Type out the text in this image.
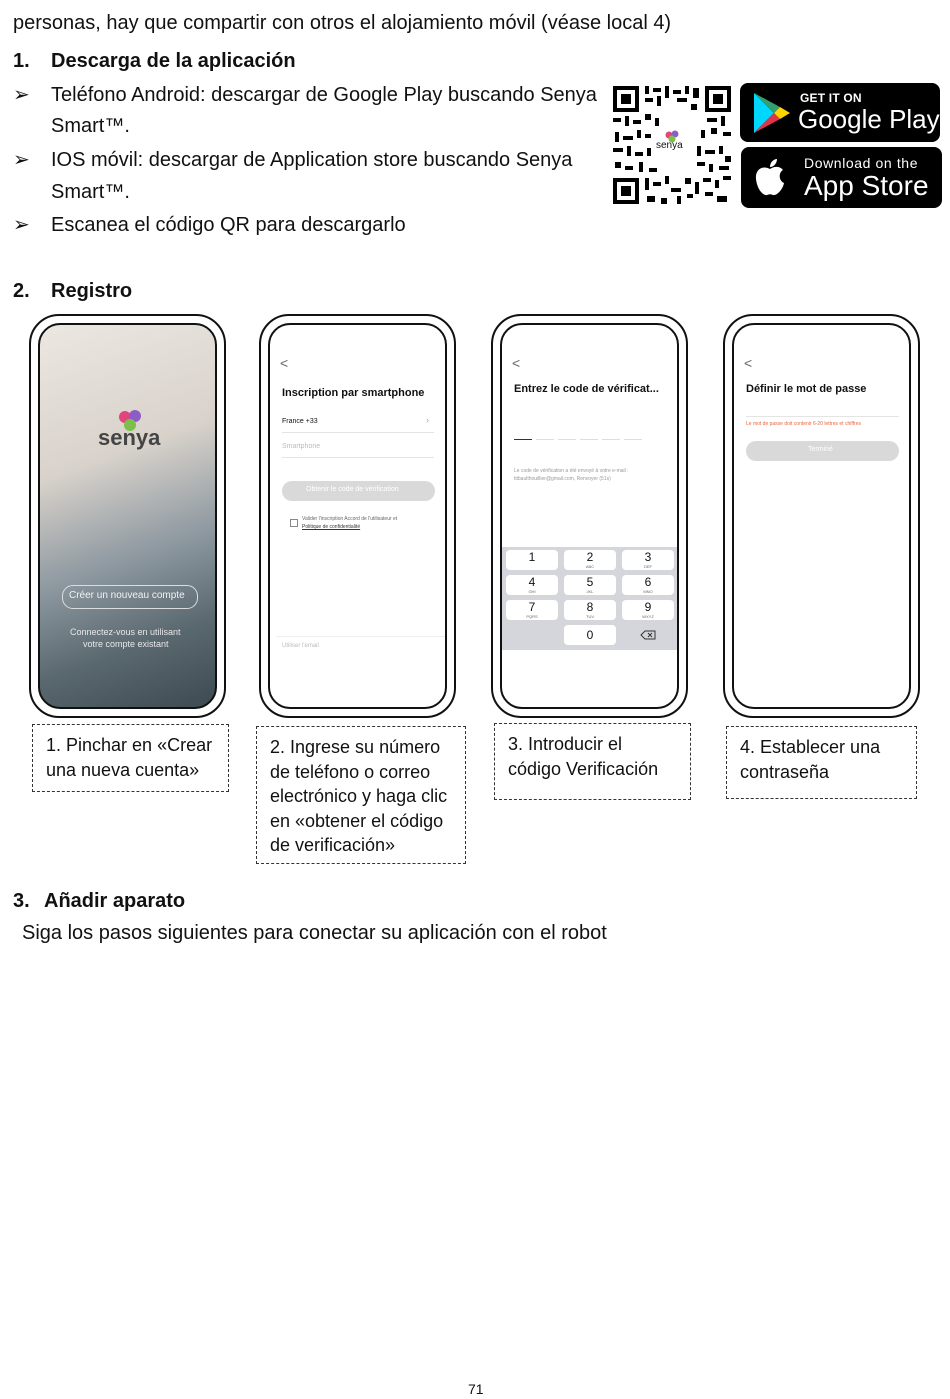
personas, hay que compartir con otros el alojamiento móvil (véase local 4)
1. Descarga de la aplicación
➢ Teléfono Android: descargar de Google Play buscando Senya
Smart™.
➢ IOS móvil: descargar de Application store buscando Senya
Smart™.
➢ Escanea el código QR para descargarlo
senya
GET IT ON
Google Play
Download on the
App Store
2. Registro
senya
Créer un nouveau compte
Connectez-vous en utilisant
votre compte existant
<
Inscription par smartphone
France +33	›
Smartphone
Obtenir le code de vérification
Valider l'inscription Accord de l'utilisateur et
Politique de confidentialité
Utiliser l'email
<
Entrez le code de vérificat...
Le code de vérification a été envoyé à votre e-mail :
ttibaulthouillier@gmail.com, Renvoyer (51s)
1	2
ABC
3
DEF
4
GHI
5
JKL
6
MNO
7
PQRS
8
TUV
9
WXYZ
0
<
Définir le mot de passe
Le mot de passe doit contenir 6-20 lettres et chiffres
Terminé
1. Pinchar en «Crear
una nueva cuenta»
2. Ingrese su número
de teléfono o correo
electrónico y haga clic
en «obtener el código
de verificación»
3. Introducir el
código Verificación
4. Establecer una
contraseña
3. Añadir aparato
Siga los pasos siguientes para conectar su aplicación con el robot
71
